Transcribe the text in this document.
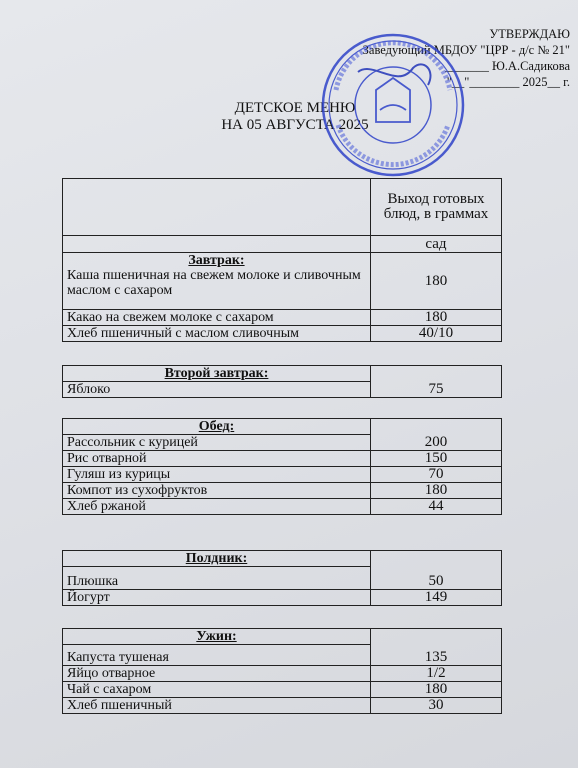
УТВЕРЖДАЮ
Заведующий МБДОУ "ЦРР - д/с № 21"
_______ Ю.А.Садикова
"__"________ 2025__ г.
ДЕТСКОЕ МЕНЮ
НА 05 АВГУСТА 2025
	Выход готовых блюд, в граммах
	сад

Завтрак:
Каша пшеничная на свежем молоке и сливочным маслом с сахаром	180
Какао на свежем молоке с сахаром	180
Хлеб пшеничный с маслом сливочным	40/10
Второй завтрак:	
Яблоко	75
Обед:	
Рассольник с курицей	200
Рис отварной	150
Гуляш из курицы	70
Компот из сухофруктов	180
Хлеб ржаной	44
Полдник:	
Плюшка	50
Йогурт	149
Ужин:	
Капуста тушеная	135
Яйцо отварное	1/2
Чай с сахаром	180
Хлеб пшеничный	30
